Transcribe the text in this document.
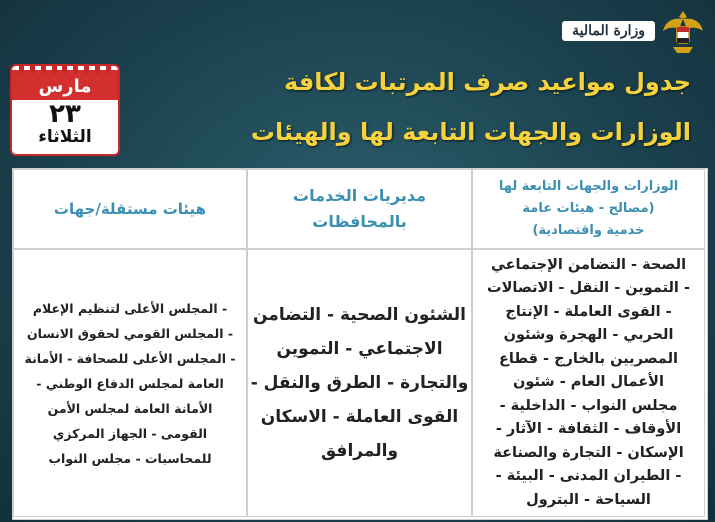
وزارة المالية
مارس
٢٣
الثلاثاء
جدول مواعيد صرف المرتبات لكافة
الوزارات والجهات التابعة لها والهيئات
هيئات مستقلة/جهات
مديريات الخدمات
بالمحافظات
الوزارات والجهات التابعة لها
(مصالح - هيئات عامة
خدمية واقتصادية)
- المجلس الأعلى لتنظيم الإعلام
- المجلس القومي لحقوق الانسان
- المجلس الأعلى للصحافة - الأمانة
العامة لمجلس الدفاع الوطني -
الأمانة العامة لمجلس الأمن
القومى - الجهاز المركزي
للمحاسبات - مجلس النواب
الشئون الصحية - التضامن
الاجتماعي - التموين
والتجارة - الطرق والنقل -
القوى العاملة - الاسكان
والمرافق
الصحة - التضامن الإجتماعي
- التموين - النقل - الاتصالات
- القوى العاملة - الإنتاج
الحربي - الهجرة وشئون
المصريين بالخارج - قطاع
الأعمال العام - شئون
مجلس النواب - الداخلية -
الأوقاف - الثقافة - الآثار -
الإسكان - التجارة والصناعة
- الطيران المدنى - البيئة -
السياحة - البترول
